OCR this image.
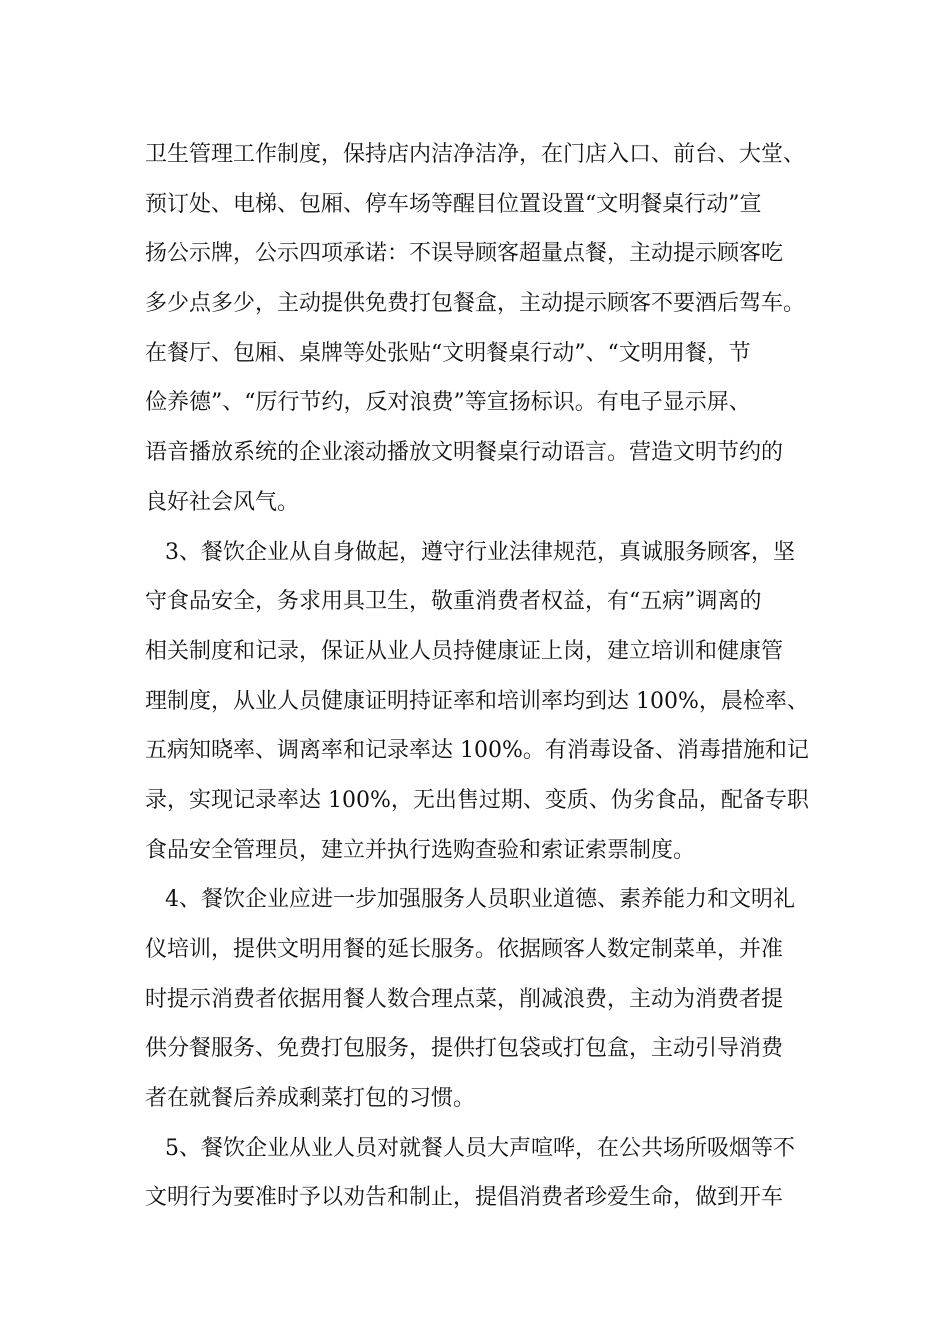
卫生管理工作制度，保持店内洁净洁净，在门店入口、前台、大堂、
预订处、电梯、包厢、停车场等醒目位置设置“文明餐桌行动”宣
扬公示牌，公示四项承诺：不误导顾客超量点餐，主动提示顾客吃
多少点多少，主动提供免费打包餐盒，主动提示顾客不要酒后驾车。
在餐厅、包厢、桌牌等处张贴“文明餐桌行动”、“文明用餐，节
俭养德”、“厉行节约，反对浪费”等宣扬标识。有电子显示屏、
语音播放系统的企业滚动播放文明餐桌行动语言。营造文明节约的
良好社会风气。
3、餐饮企业从自身做起，遵守行业法律规范，真诚服务顾客，坚
守食品安全，务求用具卫生，敬重消费者权益，有“五病”调离的
相关制度和记录，保证从业人员持健康证上岗，建立培训和健康管
理制度，从业人员健康证明持证率和培训率均到达 100%，晨检率、
五病知晓率、调离率和记录率达 100%。有消毒设备、消毒措施和记
录，实现记录率达 100%，无出售过期、变质、伪劣食品，配备专职
食品安全管理员，建立并执行选购查验和索证索票制度。
4、餐饮企业应进一步加强服务人员职业道德、素养能力和文明礼
仪培训，提供文明用餐的延长服务。依据顾客人数定制菜单，并准
时提示消费者依据用餐人数合理点菜，削减浪费，主动为消费者提
供分餐服务、免费打包服务，提供打包袋或打包盒，主动引导消费
者在就餐后养成剩菜打包的习惯。
5、餐饮企业从业人员对就餐人员大声喧哗，在公共场所吸烟等不
文明行为要准时予以劝告和制止，提倡消费者珍爱生命，做到开车
